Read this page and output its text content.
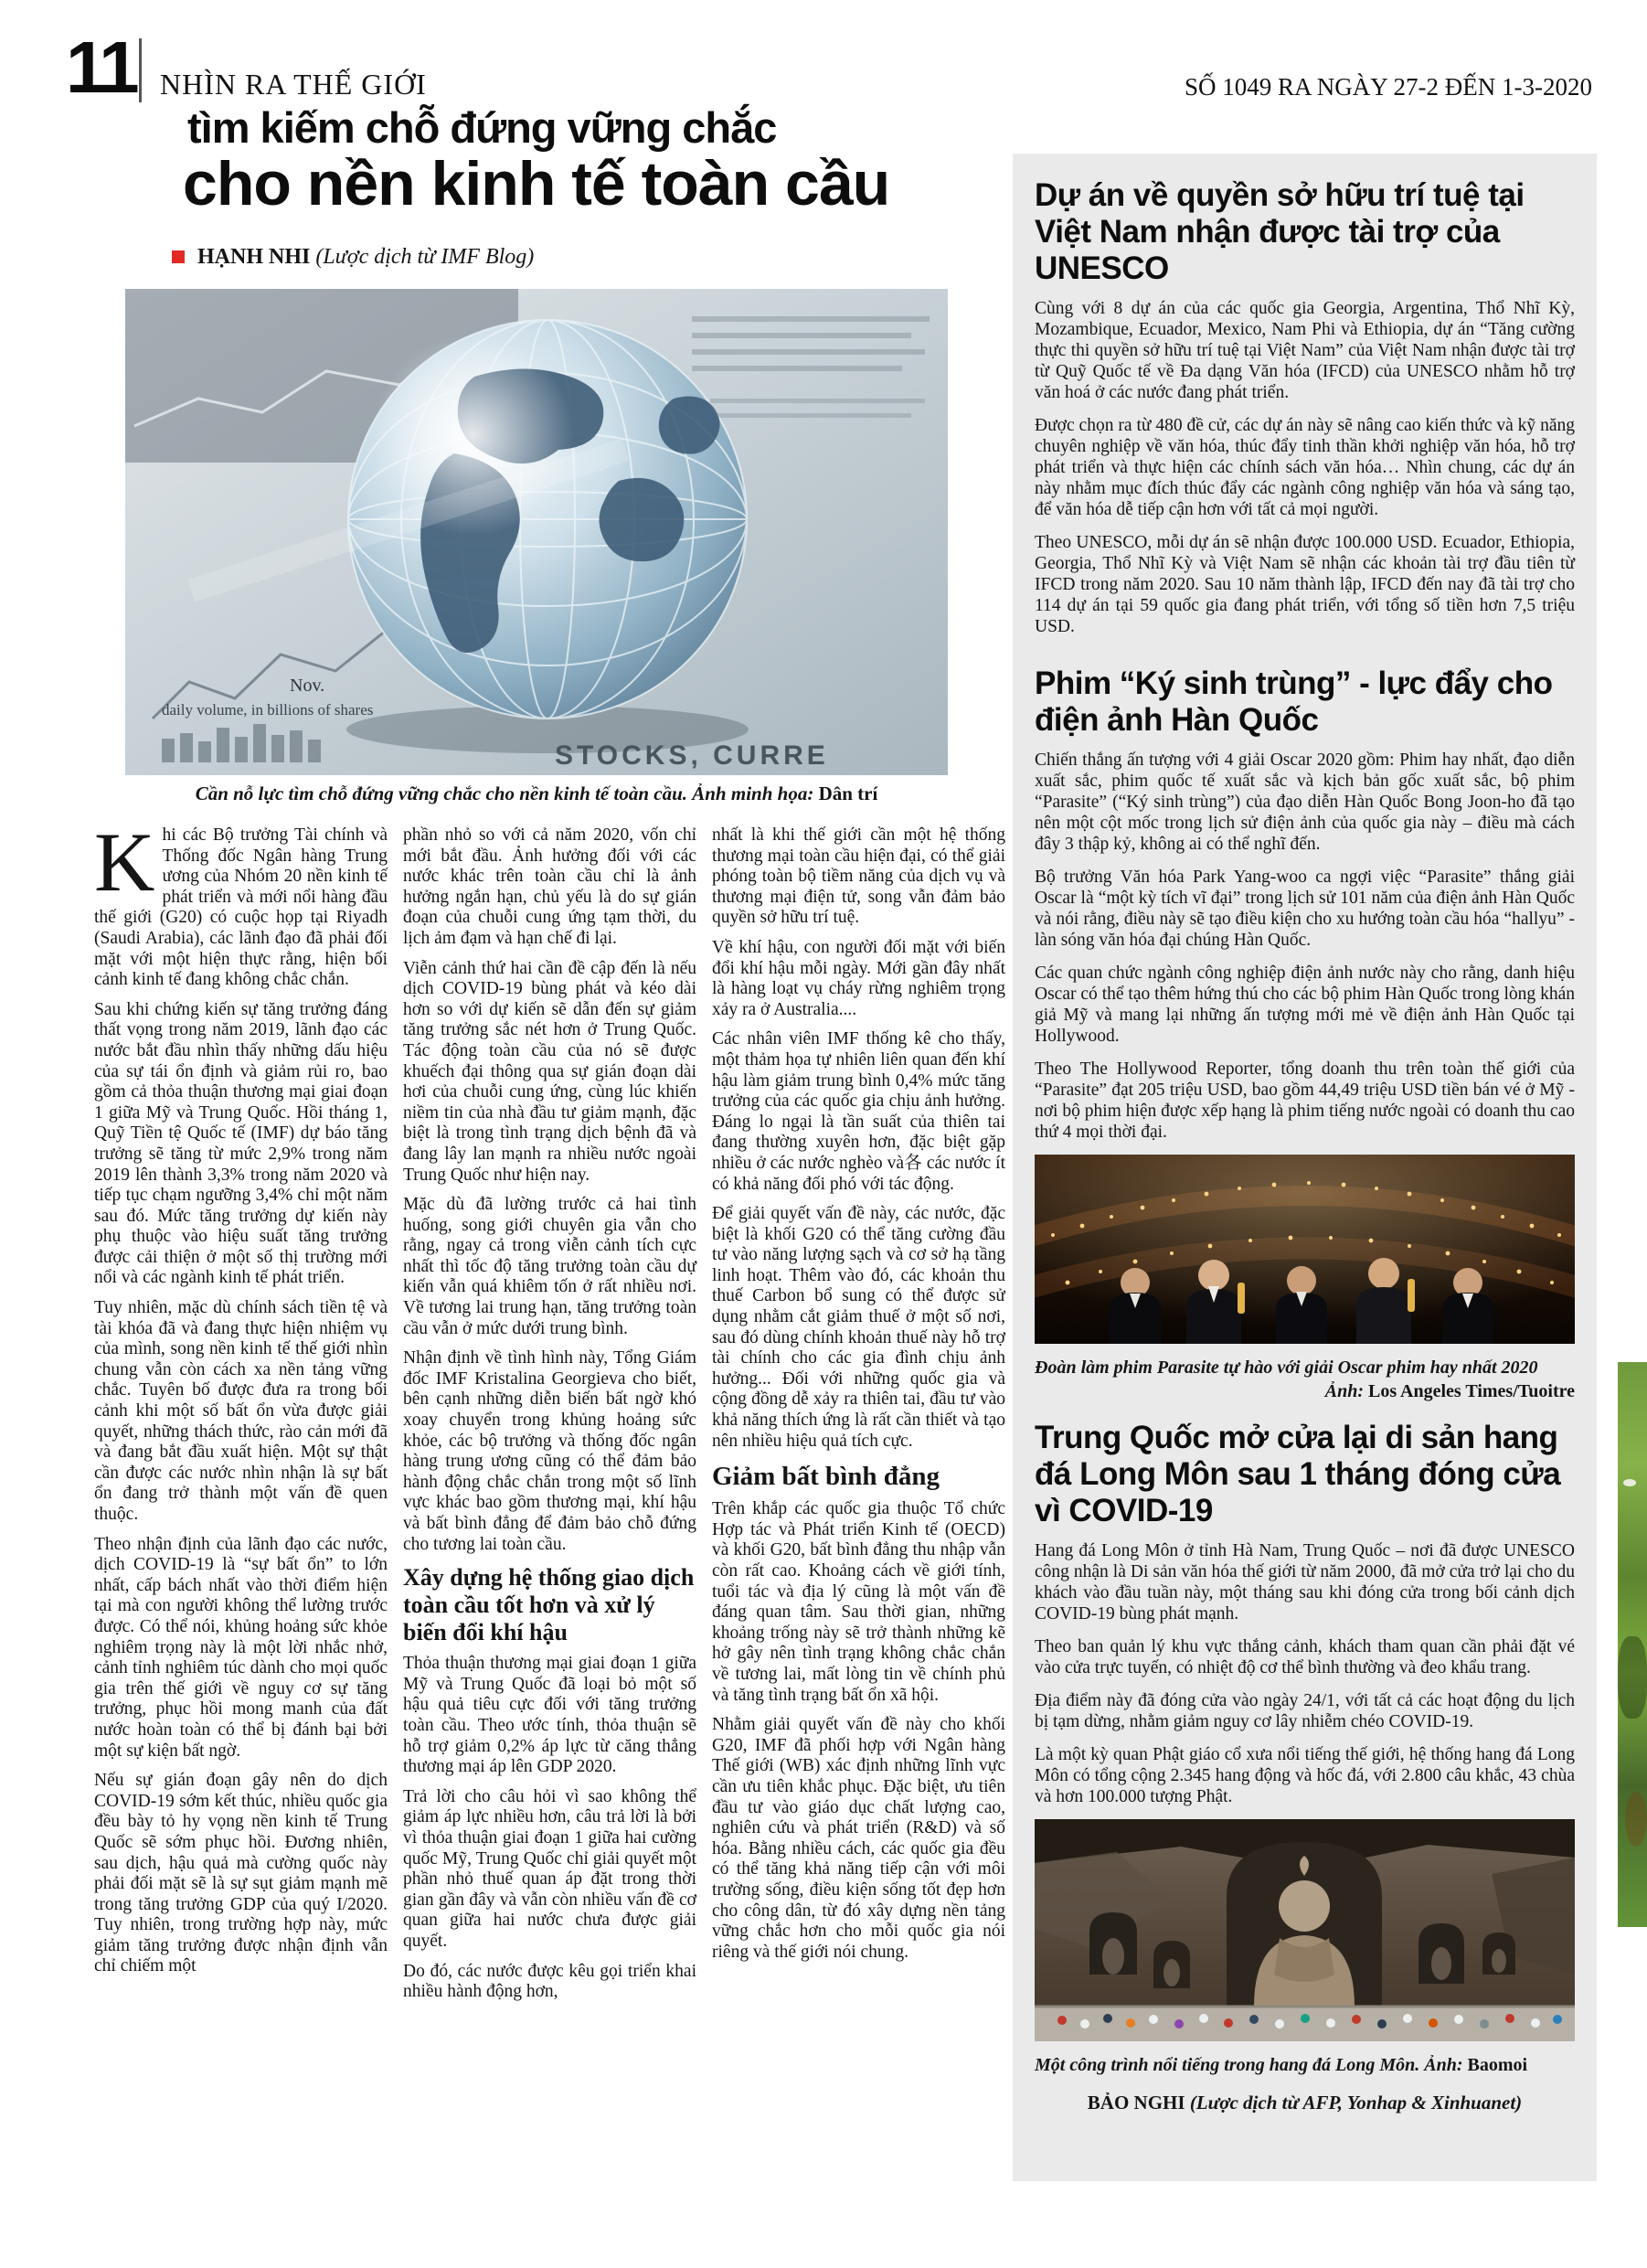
11 NHÌN RA THẾ GIỚI	SỐ 1049 RA NGÀY 27-2 ĐẾN 1-3-2020
tìm kiếm chỗ đứng vững chắc
cho nền kinh tế toàn cầu
HẠNH NHI (Lược dịch từ IMF Blog)
Nov.
daily volume, in billions of shares
STOCKS, CURRE
Cần nỗ lực tìm chỗ đứng vững chắc cho nền kinh tế toàn cầu. Ảnh minh họa: Dân trí

Khi các Bộ trưởng Tài chính và Thống đốc Ngân hàng Trung ương của Nhóm 20 nền kinh tế phát triển và mới nổi hàng đầu thế giới (G20) có cuộc họp tại Riyadh (Saudi Arabia), các lãnh đạo đã phải đối mặt với một hiện thực rằng, hiện bối cảnh kinh tế đang không chắc chắn.

Sau khi chứng kiến sự tăng trưởng đáng thất vọng trong năm 2019, lãnh đạo các nước bắt đầu nhìn thấy những dấu hiệu của sự tái ổn định và giảm rủi ro, bao gồm cả thỏa thuận thương mại giai đoạn 1 giữa Mỹ và Trung Quốc. Hồi tháng 1, Quỹ Tiền tệ Quốc tế (IMF) dự báo tăng trưởng sẽ tăng từ mức 2,9% trong năm 2019 lên thành 3,3% trong năm 2020 và tiếp tục chạm ngưỡng 3,4% chỉ một năm sau đó. Mức tăng trưởng dự kiến này phụ thuộc vào hiệu suất tăng trưởng được cải thiện ở một số thị trường mới nổi và các ngành kinh tế phát triển.

Tuy nhiên, mặc dù chính sách tiền tệ và tài khóa đã và đang thực hiện nhiệm vụ của mình, song nền kinh tế thế giới nhìn chung vẫn còn cách xa nền tảng vững chắc. Tuyên bố được đưa ra trong bối cảnh khi một số bất ổn vừa được giải quyết, những thách thức, rào cản mới đã và đang bắt đầu xuất hiện. Một sự thật cần được các nước nhìn nhận là sự bất ổn đang trở thành một vấn đề quen thuộc.

Theo nhận định của lãnh đạo các nước, dịch COVID-19 là “sự bất ổn” to lớn nhất, cấp bách nhất vào thời điểm hiện tại mà con người không thể lường trước được. Có thể nói, khủng hoảng sức khỏe nghiêm trọng này là một lời nhắc nhở, cảnh tỉnh nghiêm túc dành cho mọi quốc gia trên thế giới về nguy cơ sự tăng trưởng, phục hồi mong manh của đất nước hoàn toàn có thể bị đánh bại bởi một sự kiện bất ngờ.

Nếu sự gián đoạn gây nên do dịch COVID-19 sớm kết thúc, nhiều quốc gia đều bày tỏ hy vọng nền kinh tế Trung Quốc sẽ sớm phục hồi. Đương nhiên, sau dịch, hậu quả mà cường quốc này phải đối mặt sẽ là sự sụt giảm mạnh mẽ trong tăng trưởng GDP của quý I/2020. Tuy nhiên, trong trường hợp này, mức giảm tăng trưởng được nhận định vẫn chỉ chiếm một

phần nhỏ so với cả năm 2020, vốn chỉ mới bắt đầu. Ảnh hưởng đối với các nước khác trên toàn cầu chỉ là ảnh hưởng ngắn hạn, chủ yếu là do sự gián đoạn của chuỗi cung ứng tạm thời, du lịch ảm đạm và hạn chế đi lại.

Viễn cảnh thứ hai cần đề cập đến là nếu dịch COVID-19 bùng phát và kéo dài hơn so với dự kiến sẽ dẫn đến sự giảm tăng trưởng sắc nét hơn ở Trung Quốc. Tác động toàn cầu của nó sẽ được khuếch đại thông qua sự gián đoạn dài hơi của chuỗi cung ứng, cùng lúc khiến niềm tin của nhà đầu tư giảm mạnh, đặc biệt là trong tình trạng dịch bệnh đã và đang lây lan mạnh ra nhiều nước ngoài Trung Quốc như hiện nay.

Mặc dù đã lường trước cả hai tình huống, song giới chuyên gia vẫn cho rằng, ngay cả trong viễn cảnh tích cực nhất thì tốc độ tăng trưởng toàn cầu dự kiến vẫn quá khiêm tốn ở rất nhiều nơi. Về tương lai trung hạn, tăng trưởng toàn cầu vẫn ở mức dưới trung bình.

Nhận định về tình hình này, Tổng Giám đốc IMF Kristalina Georgieva cho biết, bên cạnh những diễn biến bất ngờ khó xoay chuyển trong khủng hoảng sức khỏe, các bộ trưởng và thống đốc ngân hàng trung ương cũng có thể đảm bảo hành động chắc chắn trong một số lĩnh vực khác bao gồm thương mại, khí hậu và bất bình đẳng để đảm bảo chỗ đứng cho tương lai toàn cầu.

Xây dựng hệ thống giao dịch toàn cầu tốt hơn và xử lý biến đổi khí hậu

Thỏa thuận thương mại giai đoạn 1 giữa Mỹ và Trung Quốc đã loại bỏ một số hậu quả tiêu cực đối với tăng trưởng toàn cầu. Theo ước tính, thỏa thuận sẽ hỗ trợ giảm 0,2% áp lực từ căng thẳng thương mại áp lên GDP 2020.

Trả lời cho câu hỏi vì sao không thể giảm áp lực nhiều hơn, câu trả lời là bởi vì thỏa thuận giai đoạn 1 giữa hai cường quốc Mỹ, Trung Quốc chỉ giải quyết một phần nhỏ thuế quan áp đặt trong thời gian gần đây và vẫn còn nhiều vấn đề cơ quan giữa hai nước chưa được giải quyết.

Do đó, các nước được kêu gọi triển khai nhiều hành động hơn,

nhất là khi thế giới cần một hệ thống thương mại toàn cầu hiện đại, có thể giải phóng toàn bộ tiềm năng của dịch vụ và thương mại điện tử, song vẫn đảm bảo quyền sở hữu trí tuệ.

Về khí hậu, con người đối mặt với biến đổi khí hậu mỗi ngày. Mới gần đây nhất là hàng loạt vụ cháy rừng nghiêm trọng xảy ra ở Australia....

Các nhân viên IMF thống kê cho thấy, một thảm họa tự nhiên liên quan đến khí hậu làm giảm trung bình 0,4% mức tăng trưởng của các quốc gia chịu ảnh hưởng. Đáng lo ngại là tần suất của thiên tai đang thường xuyên hơn, đặc biệt gặp nhiều ở các nước nghèo và各 các nước ít có khả năng đối phó với tác động.

Để giải quyết vấn đề này, các nước, đặc biệt là khối G20 có thể tăng cường đầu tư vào năng lượng sạch và cơ sở hạ tầng linh hoạt. Thêm vào đó, các khoản thu thuế Carbon bổ sung có thể được sử dụng nhằm cắt giảm thuế ở một số nơi, sau đó dùng chính khoản thuế này hỗ trợ tài chính cho các gia đình chịu ảnh hưởng... Đối với những quốc gia và cộng đồng dễ xảy ra thiên tai, đầu tư vào khả năng thích ứng là rất cần thiết và tạo nên nhiều hiệu quả tích cực.

Giảm bất bình đẳng

Trên khắp các quốc gia thuộc Tổ chức Hợp tác và Phát triển Kinh tế (OECD) và khối G20, bất bình đẳng thu nhập vẫn còn rất cao. Khoảng cách về giới tính, tuổi tác và địa lý cũng là một vấn đề đáng quan tâm. Sau thời gian, những khoảng trống này sẽ trở thành những kẽ hở gây nên tình trạng không chắc chắn về tương lai, mất lòng tin về chính phủ và tăng tình trạng bất ổn xã hội.

Nhằm giải quyết vấn đề này cho khối G20, IMF đã phối hợp với Ngân hàng Thế giới (WB) xác định những lĩnh vực cần ưu tiên khắc phục. Đặc biệt, ưu tiên đầu tư vào giáo dục chất lượng cao, nghiên cứu và phát triển (R&D) và số hóa. Bằng nhiều cách, các quốc gia đều có thể tăng khả năng tiếp cận với môi trường sống, điều kiện sống tốt đẹp hơn cho công dân, từ đó xây dựng nền tảng vững chắc hơn cho mỗi quốc gia nói riêng và thế giới nói chung.

Dự án về quyền sở hữu trí tuệ tại Việt Nam nhận được tài trợ của UNESCO

Cùng với 8 dự án của các quốc gia Georgia, Argentina, Thổ Nhĩ Kỳ, Mozambique, Ecuador, Mexico, Nam Phi và Ethiopia, dự án “Tăng cường thực thi quyền sở hữu trí tuệ tại Việt Nam” của Việt Nam nhận được tài trợ từ Quỹ Quốc tế về Đa dạng Văn hóa (IFCD) của UNESCO nhằm hỗ trợ văn hoá ở các nước đang phát triển.

Được chọn ra từ 480 đề cử, các dự án này sẽ nâng cao kiến thức và kỹ năng chuyên nghiệp về văn hóa, thúc đẩy tinh thần khởi nghiệp văn hóa, hỗ trợ phát triển và thực hiện các chính sách văn hóa… Nhìn chung, các dự án này nhằm mục đích thúc đẩy các ngành công nghiệp văn hóa và sáng tạo, để văn hóa dễ tiếp cận hơn với tất cả mọi người.

Theo UNESCO, mỗi dự án sẽ nhận được 100.000 USD. Ecuador, Ethiopia, Georgia, Thổ Nhĩ Kỳ và Việt Nam sẽ nhận các khoản tài trợ đầu tiên từ IFCD trong năm 2020. Sau 10 năm thành lập, IFCD đến nay đã tài trợ cho 114 dự án tại 59 quốc gia đang phát triển, với tổng số tiền hơn 7,5 triệu USD.

Phim “Ký sinh trùng” - lực đẩy cho điện ảnh Hàn Quốc

Chiến thắng ấn tượng với 4 giải Oscar 2020 gồm: Phim hay nhất, đạo diễn xuất sắc, phim quốc tế xuất sắc và kịch bản gốc xuất sắc, bộ phim “Parasite” (“Ký sinh trùng”) của đạo diễn Hàn Quốc Bong Joon-ho đã tạo nên một cột mốc trong lịch sử điện ảnh của quốc gia này – điều mà cách đây 3 thập kỷ, không ai có thể nghĩ đến.

Bộ trưởng Văn hóa Park Yang-woo ca ngợi việc “Parasite” thắng giải Oscar là “một kỳ tích vĩ đại” trong lịch sử 101 năm của điện ảnh Hàn Quốc và nói rằng, điều này sẽ tạo điều kiện cho xu hướng toàn cầu hóa “hallyu” - làn sóng văn hóa đại chúng Hàn Quốc.

Các quan chức ngành công nghiệp điện ảnh nước này cho rằng, danh hiệu Oscar có thể tạo thêm hứng thú cho các bộ phim Hàn Quốc trong lòng khán giả Mỹ và mang lại những ấn tượng mới mẻ về điện ảnh Hàn Quốc tại Hollywood.

Theo The Hollywood Reporter, tổng doanh thu trên toàn thế giới của “Parasite” đạt 205 triệu USD, bao gồm 44,49 triệu USD tiền bán vé ở Mỹ - nơi bộ phim hiện được xếp hạng là phim tiếng nước ngoài có doanh thu cao thứ 4 mọi thời đại.

Đoàn làm phim Parasite tự hào với giải Oscar phim hay nhất 2020
Ảnh: Los Angeles Times/Tuoitre
Trung Quốc mở cửa lại di sản hang đá Long Môn sau 1 tháng đóng cửa vì COVID-19

Hang đá Long Môn ở tỉnh Hà Nam, Trung Quốc – nơi đã được UNESCO công nhận là Di sản văn hóa thế giới từ năm 2000, đã mở cửa trở lại cho du khách vào đầu tuần này, một tháng sau khi đóng cửa trong bối cảnh dịch COVID-19 bùng phát mạnh.

Theo ban quản lý khu vực thắng cảnh, khách tham quan cần phải đặt vé vào cửa trực tuyến, có nhiệt độ cơ thể bình thường và đeo khẩu trang.

Địa điểm này đã đóng cửa vào ngày 24/1, với tất cả các hoạt động du lịch bị tạm dừng, nhằm giảm nguy cơ lây nhiễm chéo COVID-19.

Là một kỳ quan Phật giáo cổ xưa nổi tiếng thế giới, hệ thống hang đá Long Môn có tổng cộng 2.345 hang động và hốc đá, với 2.800 câu khắc, 43 chùa và hơn 100.000 tượng Phật.

Một công trình nổi tiếng trong hang đá Long Môn. Ảnh: Baomoi
BẢO NGHI (Lược dịch từ AFP, Yonhap & Xinhuanet)
